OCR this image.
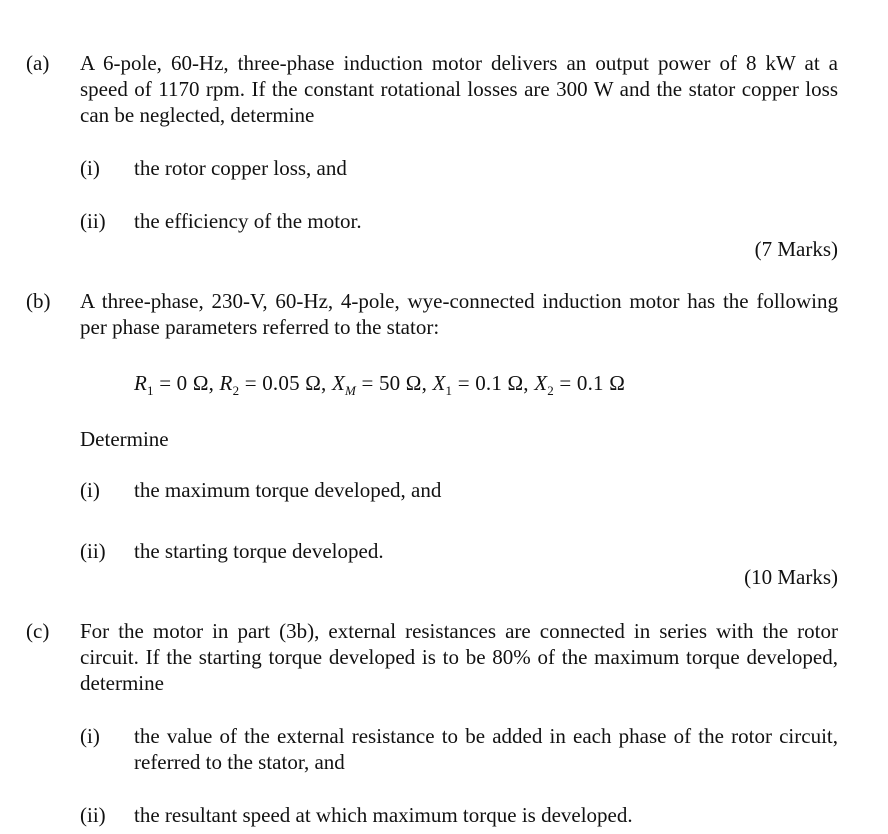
(a) A 6-pole, 60-Hz, three-phase induction motor delivers an output power of 8 kW at a speed of 1170 rpm. If the constant rotational losses are 300 W and the stator copper loss can be neglected, determine
(i) the rotor copper loss, and
(ii) the efficiency of the motor.
(7 Marks)
(b) A three-phase, 230-V, 60-Hz, 4-pole, wye-connected induction motor has the following per phase parameters referred to the stator:
$R_1 = 0$ Ω, $R_2 = 0.05$ Ω, $X_M = 50$ Ω, $X_1 = 0.1$ Ω, $X_2 = 0.1$ Ω
Determine
(i) the maximum torque developed, and
(ii) the starting torque developed.
(10 Marks)
(c) For the motor in part (3b), external resistances are connected in series with the rotor circuit. If the starting torque developed is to be 80% of the maximum torque developed, determine
(i) the value of the external resistance to be added in each phase of the rotor circuit, referred to the stator, and
(ii) the resultant speed at which maximum torque is developed.
